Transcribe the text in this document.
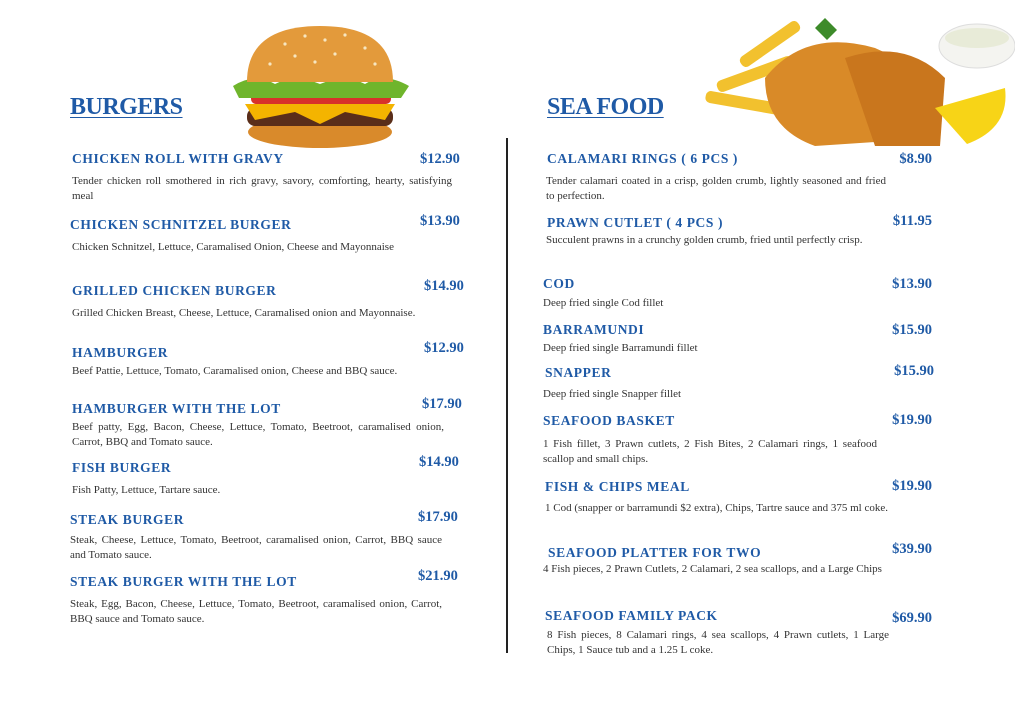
BURGERS	SEA FOOD
CHICKEN ROLL WITH GRAVY	$12.90
Tender chicken roll smothered in rich gravy, savory, comforting, hearty, satisfying meal
CHICKEN SCHNITZEL BURGER	$13.90
Chicken Schnitzel, Lettuce, Caramalised Onion, Cheese and Mayonnaise
GRILLED CHICKEN BURGER	$14.90
Grilled Chicken Breast, Cheese, Lettuce, Caramalised onion and Mayonnaise.
HAMBURGER	$12.90
Beef Pattie, Lettuce, Tomato, Caramalised onion, Cheese and BBQ sauce.
HAMBURGER WITH THE LOT	$17.90
Beef patty, Egg, Bacon, Cheese, Lettuce, Tomato, Beetroot, caramalised onion, Carrot, BBQ and Tomato sauce.
FISH BURGER	$14.90
Fish Patty, Lettuce, Tartare sauce.
STEAK BURGER	$17.90
Steak, Cheese, Lettuce, Tomato, Beetroot, caramalised onion, Carrot, BBQ sauce and Tomato sauce.
STEAK BURGER WITH THE LOT	$21.90
Steak, Egg, Bacon, Cheese, Lettuce, Tomato, Beetroot, caramalised onion, Carrot, BBQ sauce and Tomato sauce.
CALAMARI RINGS ( 6 PCS )	$8.90
Tender calamari coated in a crisp, golden crumb, lightly seasoned and fried to perfection.
PRAWN CUTLET ( 4 PCS )	$11.95
Succulent prawns in a crunchy golden crumb, fried until perfectly crisp.
COD	$13.90
Deep fried single Cod fillet
BARRAMUNDI	$15.90
Deep fried single Barramundi fillet
SNAPPER	$15.90
Deep fried single Snapper fillet
SEAFOOD BASKET	$19.90
1 Fish fillet, 3 Prawn cutlets, 2 Fish Bites, 2 Calamari rings, 1 seafood scallop and small chips.
FISH & CHIPS MEAL	$19.90
1 Cod (snapper or barramundi $2 extra), Chips, Tartre sauce and 375 ml coke.
SEAFOOD PLATTER FOR TWO	$39.90
4 Fish pieces, 2 Prawn Cutlets, 2 Calamari, 2 sea scallops, and a Large Chips
SEAFOOD FAMILY PACK	$69.90
8 Fish pieces, 8 Calamari rings, 4 sea scallops, 4 Prawn cutlets, 1 Large Chips, 1 Sauce tub and a 1.25 L coke.
